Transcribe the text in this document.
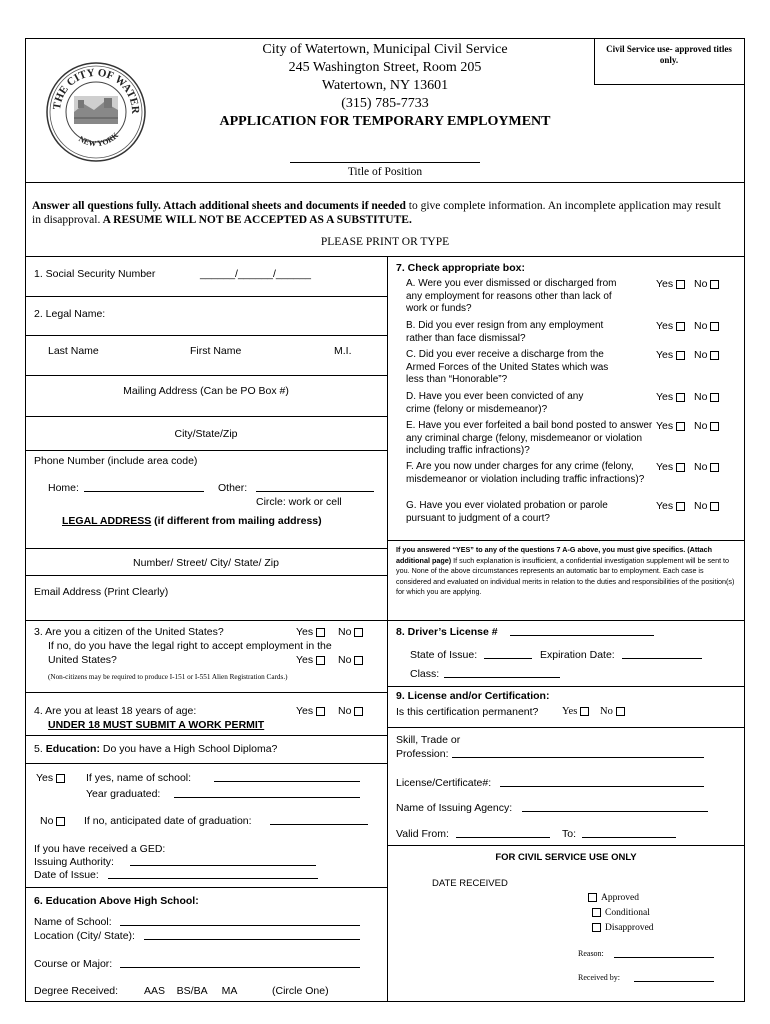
THE CITY OF WATER
NEW YORK
City of Watertown, Municipal Civil Service
245 Washington Street, Room 205
Watertown, NY 13601
(315) 785-7733
APPLICATION FOR TEMPORARY EMPLOYMENT
Title of Position
Civil Service use- approved titles only.
Answer all questions fully. Attach additional sheets and documents if needed to give complete information. An incomplete application may result in disapproval. A RESUME WILL NOT BE ACCEPTED AS A SUBSTITUTE.
PLEASE PRINT OR TYPE
1. Social Security Number	______/______/______
2. Legal Name:
Last Name	First Name	M.I.
Mailing Address (Can be PO Box #)
City/State/Zip
Phone Number (include area code)
Home:	Other:
Circle: work or cell
LEGAL ADDRESS (if different from mailing address)
Number/ Street/ City/ State/ Zip
Email Address (Print Clearly)
7. Check appropriate box:
A. Were you ever dismissed or discharged from any employment for reasons other than lack of work or funds?
Yes	No
B. Did you ever resign from any employment rather than face dismissal?
Yes	No
C. Did you ever receive a discharge from the Armed Forces of the United States which was less than “Honorable”?
Yes	No
D. Have you ever been convicted of any crime (felony or misdemeanor)?
Yes	No
E. Have you ever forfeited a bail bond posted to answer any criminal charge (felony, misdemeanor or violation including traffic infractions)?
Yes	No
F. Are you now under charges for any crime (felony, misdemeanor or violation including traffic infractions)?
Yes	No
G. Have you ever violated probation or parole pursuant to judgment of a court?
Yes	No
If you answered “YES” to any of the questions 7 A-G above, you must give specifics. (Attach additional page) If such explanation is insufficient, a confidential investigation supplement will be sent to you. None of the above circumstances represents an automatic bar to employment. Each case is considered and evaluated on individual merits in relation to the duties and responsibilities of the position(s) for which you are applying.
3. Are you a citizen of the United States?	Yes	No
If no, do you have the legal right to accept employment in the
United States?	Yes	No
(Non-citizens may be required to produce I-151 or I-551 Alien Registration Cards.)
4. Are you at least 18 years of age:	Yes	No
UNDER 18 MUST SUBMIT A WORK PERMIT
5. Education: Do you have a High School Diploma?
Yes	If yes, name of school:
Year graduated:
No	If no, anticipated date of graduation:
If you have received a GED:
Issuing Authority:
Date of Issue:
6. Education Above High School:
Name of School:
Location (City/ State):
Course or Major:
Degree Received: AAS    BS/BA     MA	(Circle One)
8. Driver’s License #
State of Issue:	Expiration Date:
Class:
9. License and/or Certification:
Is this certification permanent? Yes	No
Skill, Trade or
Profession:
License/Certificate#:
Name of Issuing Agency:
Valid From:	To:
FOR CIVIL SERVICE USE ONLY
DATE RECEIVED
Approved
Conditional
Disapproved
Reason:
Received by:
